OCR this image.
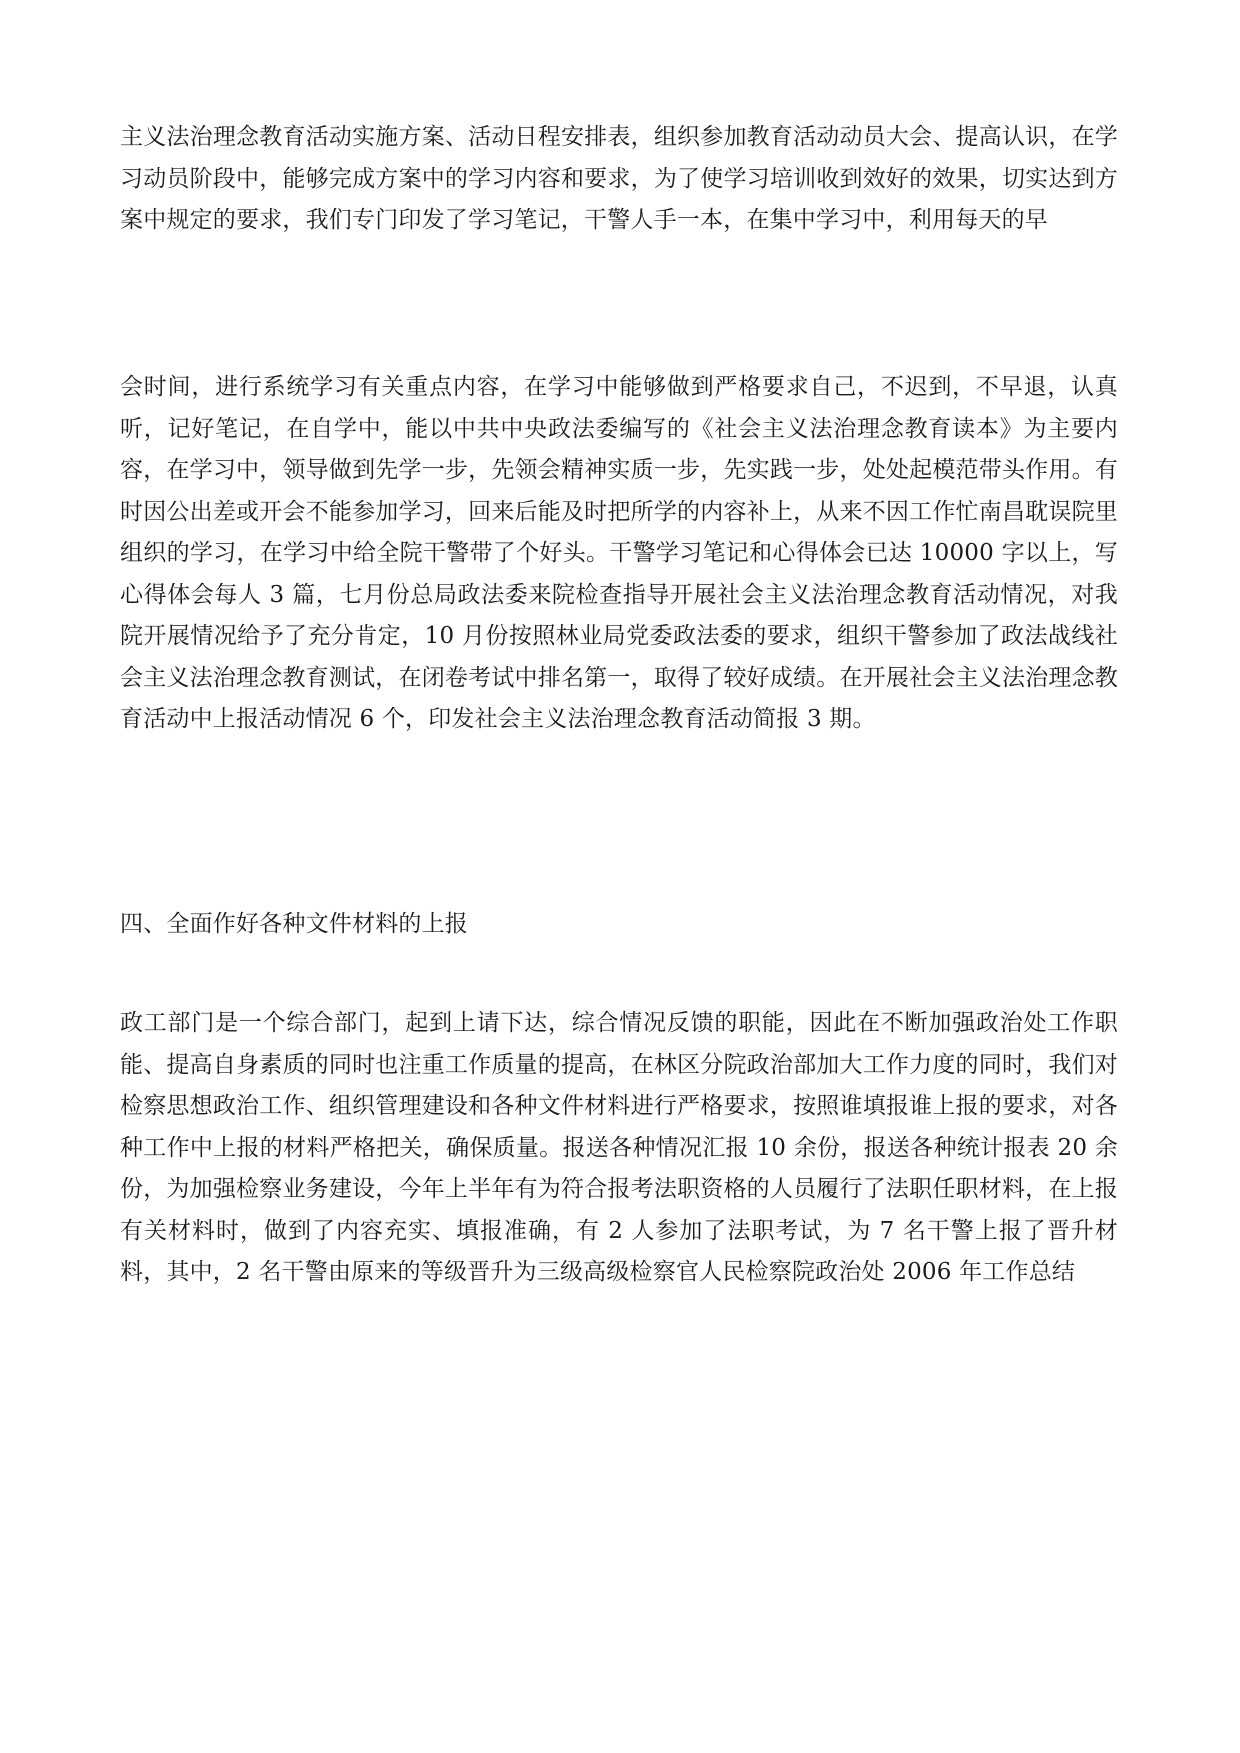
主义法治理念教育活动实施方案、活动日程安排表，组织参加教育活动动员大会、提高认识，在学习动员阶段中，能够完成方案中的学习内容和要求，为了使学习培训收到效好的效果，切实达到方案中规定的要求，我们专门印发了学习笔记，干警人手一本，在集中学习中，利用每天的早

会时间，进行系统学习有关重点内容，在学习中能够做到严格要求自己，不迟到，不早退，认真听，记好笔记，在自学中，能以中共中央政法委编写的《社会主义法治理念教育读本》为主要内容，在学习中，领导做到先学一步，先领会精神实质一步，先实践一步，处处起模范带头作用。有时因公出差或开会不能参加学习，回来后能及时把所学的内容补上，从来不因工作忙南昌耽误院里组织的学习，在学习中给全院干警带了个好头。干警学习笔记和心得体会已达 10000 字以上，写心得体会每人 3 篇，七月份总局政法委来院检查指导开展社会主义法治理念教育活动情况，对我院开展情况给予了充分肯定，10 月份按照林业局党委政法委的要求，组织干警参加了政法战线社会主义法治理念教育测试，在闭卷考试中排名第一，取得了较好成绩。在开展社会主义法治理念教育活动中上报活动情况 6 个，印发社会主义法治理念教育活动简报 3 期。

四、全面作好各种文件材料的上报

政工部门是一个综合部门，起到上请下达，综合情况反馈的职能，因此在不断加强政治处工作职能、提高自身素质的同时也注重工作质量的提高，在林区分院政治部加大工作力度的同时，我们对检察思想政治工作、组织管理建设和各种文件材料进行严格要求，按照谁填报谁上报的要求，对各种工作中上报的材料严格把关，确保质量。报送各种情况汇报 10 余份，报送各种统计报表 20 余份，为加强检察业务建设，今年上半年有为符合报考法职资格的人员履行了法职任职材料，在上报有关材料时，做到了内容充实、填报准确，有 2 人参加了法职考试，为 7 名干警上报了晋升材料，其中，2 名干警由原来的等级晋升为三级高级检察官人民检察院政治处 2006 年工作总结
